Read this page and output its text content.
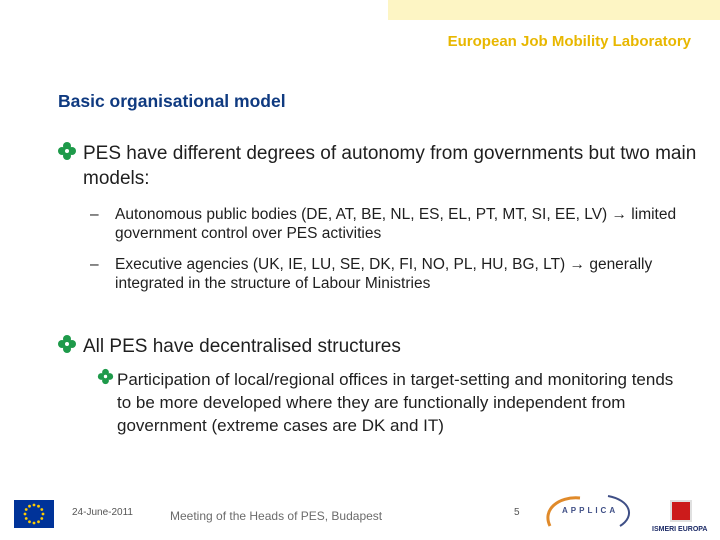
European Job Mobility Laboratory
Basic organisational model
PES have different degrees of autonomy from governments but two main models:
–	Autonomous public bodies (DE, AT, BE, NL, ES, EL, PT, MT, SI, EE, LV) → limited government control over PES activities
–	Executive agencies (UK, IE, LU, SE, DK, FI, NO, PL, HU, BG, LT) → generally integrated in the structure of Labour Ministries
All PES have decentralised structures
Participation of local/regional offices in target-setting and monitoring tends to be more developed where they are functionally independent from government (extreme cases are DK and IT)
24-June-2011	Meeting of the Heads of PES, Budapest	5	APPLICA
ISMERI EUROPA
